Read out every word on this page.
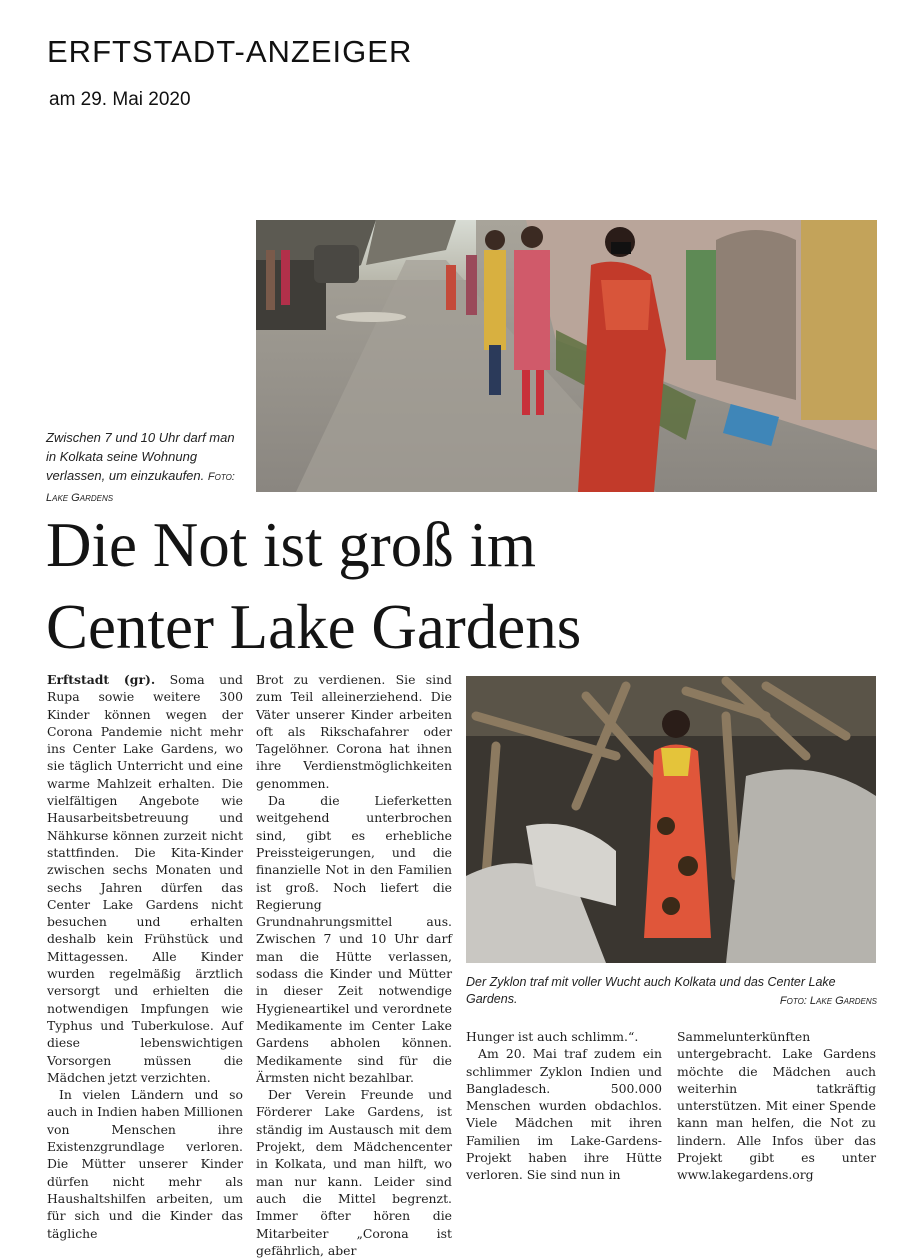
ERFTSTADT-ANZEIGER
am 29. Mai 2020
Zwischen 7 und 10 Uhr darf man in Kolkata seine Wohnung verlassen, um einzukaufen. Foto: Lake Gardens
Die Not ist groß im
Center Lake Gardens

Erftstadt (gr). Soma und Rupa sowie weitere 300 Kinder können wegen der Corona Pandemie nicht mehr ins Center Lake Gardens, wo sie täglich Unterricht und eine warme Mahlzeit erhalten. Die vielfältigen Angebote wie Hausarbeitsbetreuung und Nähkurse können zurzeit nicht stattfinden. Die Kita-Kinder zwischen sechs Monaten und sechs Jahren dürfen das Center Lake Gardens nicht besuchen und erhalten deshalb kein Frühstück und Mittagessen. Alle Kinder wurden regelmäßig ärztlich versorgt und erhielten die notwendigen Impfungen wie Typhus und Tuberkulose. Auf diese lebenswichtigen Vorsorgen müssen die Mädchen jetzt verzichten.

In vielen Ländern und so auch in Indien haben Millionen von Menschen ihre Existenzgrundlage verloren. Die Mütter unserer Kinder dürfen nicht mehr als Haushaltshilfen arbeiten, um für sich und die Kinder das tägliche

Brot zu verdienen. Sie sind zum Teil alleinerziehend. Die Väter unserer Kinder arbeiten oft als Rikschafahrer oder Tagelöhner. Corona hat ihnen ihre Verdienstmöglichkeiten genommen.

Da die Lieferketten weitgehend unterbrochen sind, gibt es erhebliche Preissteigerungen, und die finanzielle Not in den Familien ist groß. Noch liefert die Regierung Grundnahrungsmittel aus. Zwischen 7 und 10 Uhr darf man die Hütte verlassen, sodass die Kinder und Mütter in dieser Zeit notwendige Hygieneartikel und verordnete Medikamente im Center Lake Gardens abholen können. Medikamente sind für die Ärmsten nicht bezahlbar.

Der Verein Freunde und Förderer Lake Gardens, ist ständig im Austausch mit dem Projekt, dem Mädchencenter in Kolkata, und man hilft, wo man nur kann. Leider sind auch die Mittel begrenzt. Immer öfter hören die Mitarbeiter „Corona ist gefährlich, aber

Der Zyklon traf mit voller Wucht auch Kolkata und das Center Lake Gardens.	Foto: Lake Gardens

Hunger ist auch schlimm.“.

Am 20. Mai traf zudem ein schlimmer Zyklon Indien und Bangladesch. 500.000 Menschen wurden obdachlos. Viele Mädchen mit ihren Familien im Lake-Gardens-Projekt haben ihre Hütte verloren. Sie sind nun in

Sammelunterkünften untergebracht. Lake Gardens möchte die Mädchen auch weiterhin tatkräftig unterstützen. Mit einer Spende kann man helfen, die Not zu lindern. Alle Infos über das Projekt gibt es unter www.lakegardens.org
